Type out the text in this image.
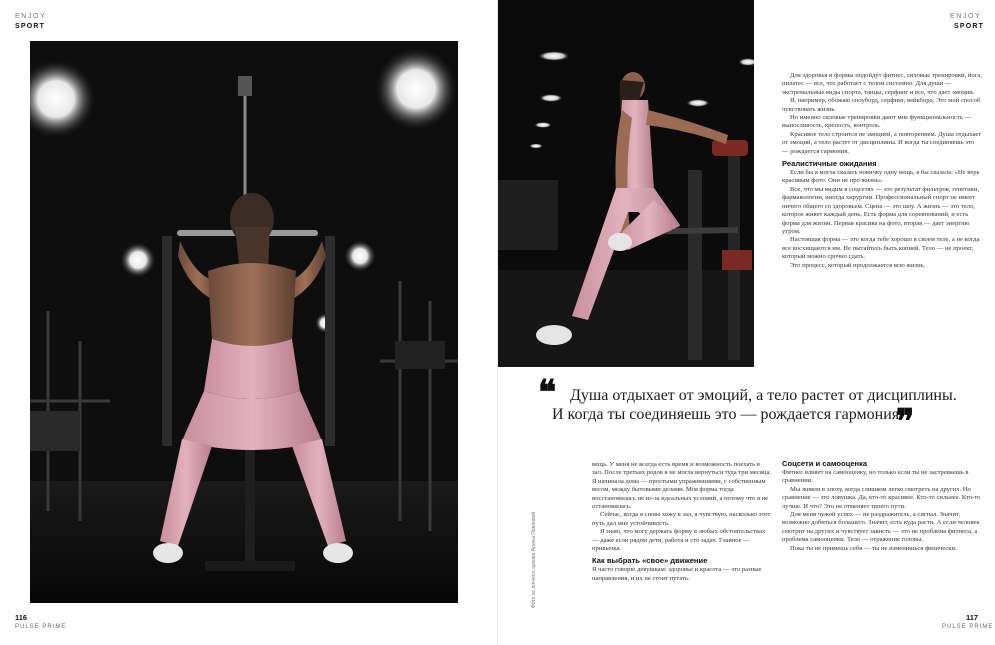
ENJOY
SPORT
116
PULSE PRIME
ENJOY
SPORT
Фото из личного архива Арины Павловой

Для здоровья и формы подойдут фитнес, силовые тренировки, йога, пилатес — все, что работает с телом системно. Для души — экстремальные виды спорта, танцы, серфинг и все, что дает эмоции.

Я, например, обожаю сноуборд, серфинг, вейкборд. Это мой способ чувствовать жизнь.

Но именно силовые тренировки дают мне функциональность — выносливость, крепость, контроль.

Красивое тело строится не эмоцией, а повторением. Душа отдыхает от эмоций, а тело растет от дисциплины. И когда ты соединяешь это — рождается гармония.

Реалистичные ожидания

Если бы я могла сказать новичку одну вещь, я бы сказала: «Не верь красивым фото. Они не про жизнь».

Все, что мы видим в соцсетях — это результат фильтров, генетики, фармакологии, иногда хирургии. Профессиональный спорт не имеет ничего общего со здоровьем. Сцена — это шоу. А жизнь — это тело, которое живет каждый день. Есть форма для соревнований, и есть форма для жизни. Первая красива на фото, вторая — дает энергию утром.

Настоящая форма — это когда тебе хорошо в своем теле, а не когда все восхищаются им. Не пытайтесь быть копией. Тело — не проект, который можно срочно сдать.

Это процесс, который продолжается всю жизнь.

❝ Душа отдыхает от эмоций, а тело растет от дисциплины.
И когда ты соединяешь это — рождается гармония
❞

вещь. У меня не всегда есть время и возможность поехать в зал. После третьих родов я не могла вернуться туда три месяца. Я начинала дома — простыми упражнениями, с собственным весом, между бытовыми делами. Моя форма тогда восстановилась не из-за идеальных условий, а потому что я не остановилась.

Сейчас, когда я снова хожу в зал, я чувствую, насколько этот путь дал мне устойчивость.

Я знаю, что могу держать форму в любых обстоятельствах — даже если рядом дети, работа и сто задач. Главное — привычка.

Как выбрать «свое» движение

Я часто говорю девушкам: здоровье и красота — это разные направления, и их не стоит путать.

Соцсети и самооценка

Фитнес влияет на самооценку, но только если ты не застреваешь в сравнении.

Мы живем в эпоху, когда слишком легко смотреть на других. Но сравнение — это ловушка. Да, кто-то красивее. Кто-то сильнее. Кто-то лучше. И что? Это не отменяет твоего пути.

Для меня чужой успех — не раздражитель, а сигнал. Значит, возможно добиться большего. Значит, есть куда расти. А если человек смотрит на других и чувствует зависть — это не проблема фитнеса, а проблема самооценки. Тело — отражение головы.

Пока ты не примешь себя — ты не изменишься физически.

117
PULSE PRIME
